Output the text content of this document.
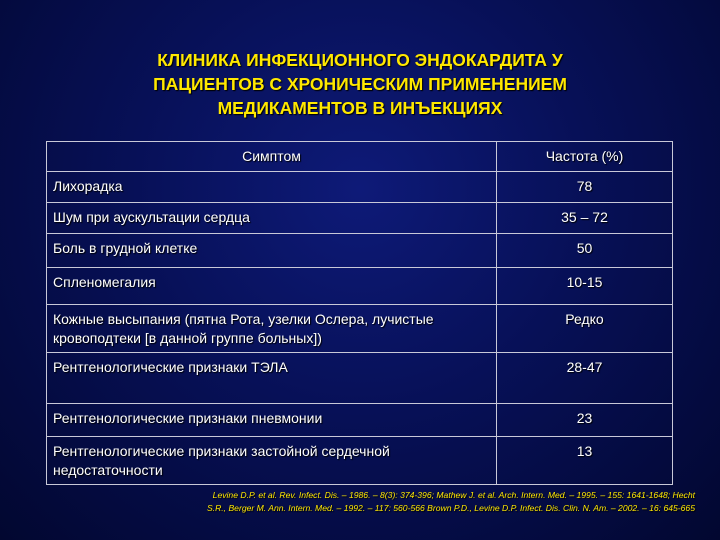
КЛИНИКА ИНФЕКЦИОННОГО ЭНДОКАРДИТА У
ПАЦИЕНТОВ С ХРОНИЧЕСКИМ ПРИМЕНЕНИЕМ
МЕДИКАМЕНТОВ В ИНЪЕКЦИЯХ
Симптом	Частота (%)
Лихорадка	78
Шум при аускультации сердца	35 – 72
Боль в грудной клетке	50
Спленомегалия	10-15
Кожные высыпания (пятна Рота, узелки Ослера, лучистые кровоподтеки [в данной группе больных])	Редко
Рентгенологические признаки ТЭЛА	28-47
Рентгенологические признаки пневмонии	23
Рентгенологические признаки застойной сердечной недостаточности	13
Levine D.P. et al. Rev. Infect. Dis. – 1986. – 8(3): 374-396; Mathew J. et al. Arch. Intern. Med. – 1995. – 155: 1641-1648; Hecht
S.R., Berger M. Ann. Intern. Med. – 1992. – 117: 560-566 Brown P.D., Levine D.P. Infect. Dis. Clin. N. Am. – 2002. – 16: 645-665
